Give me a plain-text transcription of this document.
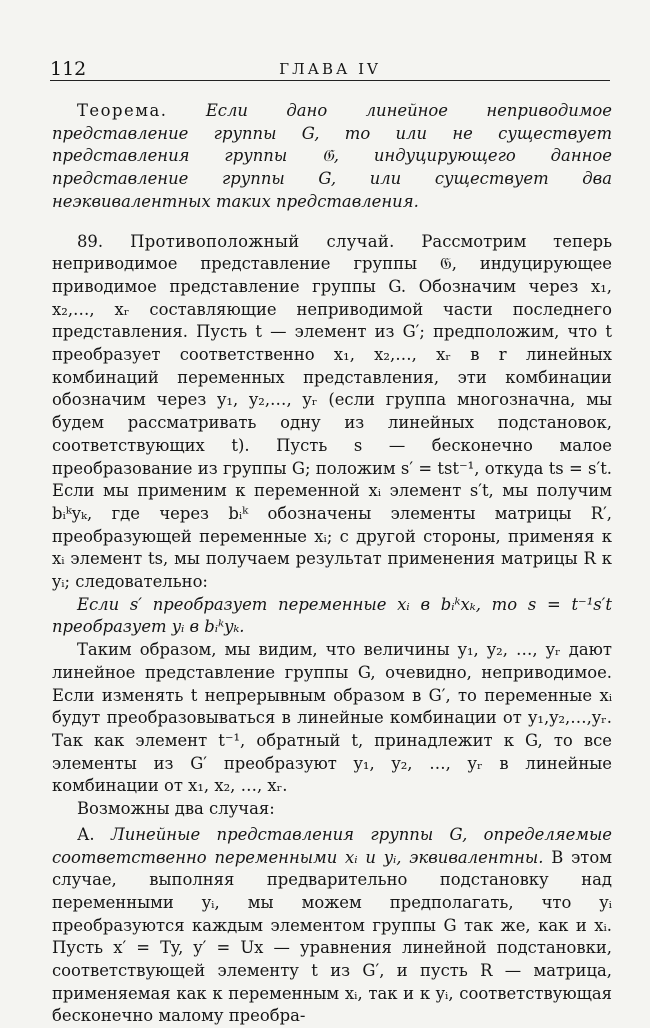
112	ГЛАВА IV

Теорема. Если дано линейное неприводимое представление группы G, то или не существует представления группы 𝔊, индуцирующего данное представление группы G, или существует два неэквивалентных таких представления.

89. Противоположный случай. Рассмотрим теперь неприводимое представление группы 𝔊, индуцирующее приводимое представление группы G. Обозначим через x₁, x₂,…, xᵣ составляющие неприводимой части последнего представления. Пусть t — элемент из G′; предположим, что t преобразует соответственно x₁, x₂,…, xᵣ в r линейных комбинаций переменных представления, эти комбинации обозначим через y₁, y₂,…, yᵣ (если группа многозначна, мы будем рассматривать одну из линейных подстановок, соответствующих t). Пусть s — бесконечно малое преобразование из группы G; положим s′ = tst⁻¹, откуда ts = s′t. Если мы применим к переменной xᵢ элемент s′t, мы получим bᵢᵏyₖ, где через bᵢᵏ обозначены элементы матрицы R′, преобразующей переменные xᵢ; с другой стороны, применяя к xᵢ элемент ts, мы получаем результат применения матрицы R к yᵢ; следовательно:

Если s′ преобразует переменные xᵢ в bᵢᵏxₖ, то s = t⁻¹s′t преобразует yᵢ в bᵢᵏyₖ.

Таким образом, мы видим, что величины y₁, y₂, …, yᵣ дают линейное представление группы G, очевидно, неприводимое. Если изменять t непрерывным образом в G′, то переменные xᵢ будут преобразовываться в линейные комбинации от y₁,y₂,…,yᵣ. Так как элемент t⁻¹, обратный t, принадлежит к G, то все элементы из G′ преобразуют y₁, y₂, …, yᵣ в линейные комбинации от x₁, x₂, …, xᵣ.

Возможны два случая:

А. Линейные представления группы G, определяемые соответственно переменными xᵢ и yᵢ, эквивалентны. В этом случае, выполняя предварительно подстановку над переменными yᵢ, мы можем предполагать, что yᵢ преобразуются каждым элементом группы G так же, как и xᵢ. Пусть x′ = Ty, y′ = Ux — уравнения линейной подстановки, соответствующей элементу t из G′, и пусть R — матрица, применяемая как к переменным xᵢ, так и к yᵢ, соответствующая бесконечно малому преобра-
